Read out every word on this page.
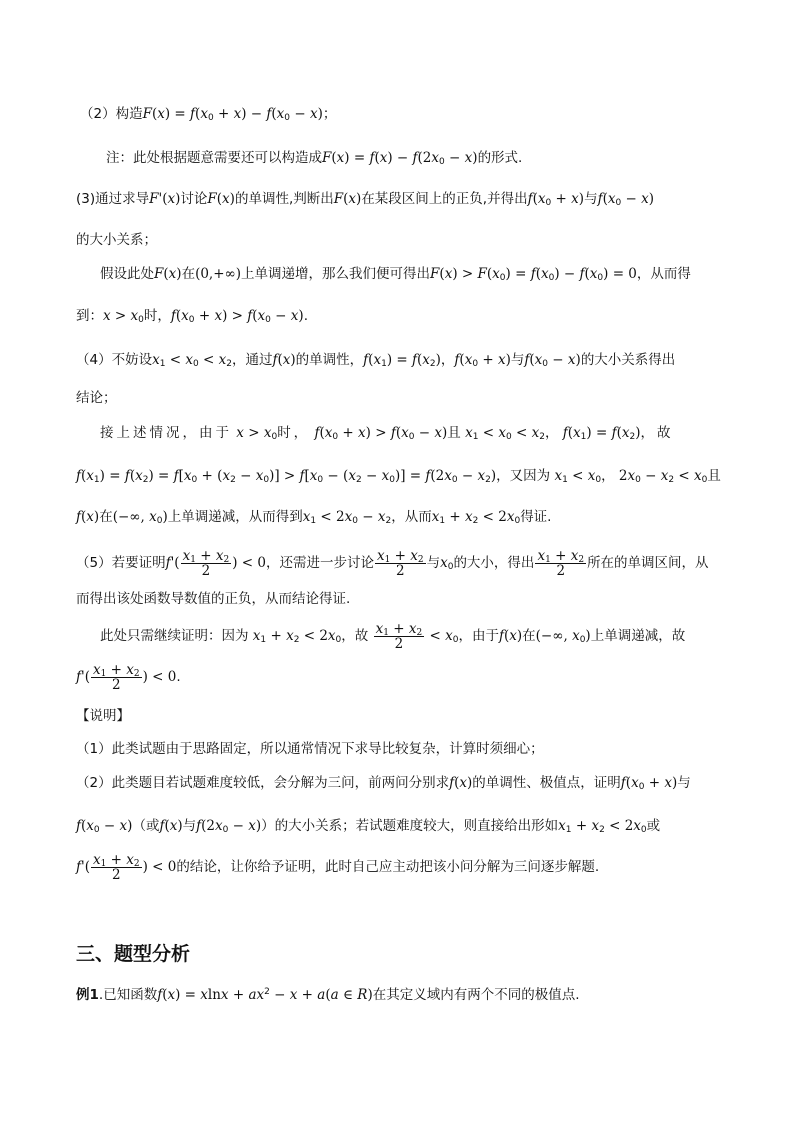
（2）构造$F(x) = f(x_0 + x) - f(x_0 - x)$；
注：此处根据题意需要还可以构造成$F(x) = f(x) - f(2x_0 - x)$的形式.
(3)通过求导F'(x)讨论F(x)的单调性,判断出F(x)在某段区间上的正负,并得出$f(x_0 + x)$与$f(x_0 - x)$
的大小关系；
假设此处F(x)在(0,+∞)上单调递增，那么我们便可得出$F(x) > F(x_0) = f(x_0) - f(x_0) = 0$，从而得
到：$x > x_0$时，$f(x_0 + x) > f(x_0 - x)$.
（4）不妨设$x_1 < x_0 < x_2$，通过f(x)的单调性，$f(x_1) = f(x_2)$，$f(x_0 + x)$与$f(x_0 - x)$的大小关系得出
结论；
接上述情况，由于 $x > x_0$时， $f(x_0 + x) > f(x_0 - x)$且 $x_1 < x_0 < x_2$， $f(x_1) = f(x_2)$，故
$f(x_1) = f(x_2) = f[x_0 + (x_2 - x_0)] > f[x_0 - (x_2 - x_0)] = f(2x_0 - x_2)$，又因为 $x_1 < x_0$， $2x_0 - x_2 < x_0$且
f(x)在(−∞, $x_0$)上单调递减，从而得到$x_1 < 2x_0 - x_2$，从而$x_1 + x_2 < 2x_0$得证.
（5）若要证明$f'( \frac{x_1 + x_2}{2}$ ) < 0，还需进一步讨论 $\frac{x_1 + x_2}{2}$ 与$x_0$的大小，得出 $\frac{x_1 + x_2}{2}$ 所在的单调区间，从
而得出该处函数导数值的正负，从而结论得证.
此处只需继续证明：因为 $x_1 + x_2 < 2x_0$，故 $\frac{x_1 + x_2}{2} < x_0$，由于f(x)在(−∞, $x_0$)上单调递减，故
$f'( \frac{x_1 + x_2}{2}$ ) < 0.
【说明】
（1）此类试题由于思路固定，所以通常情况下求导比较复杂，计算时须细心；
（2）此类题目若试题难度较低，会分解为三问，前两问分别求f(x)的单调性、极值点，证明$f(x_0 + x)$与
$f(x_0 - x)$（或f(x)与$f(2x_0 - x)$）的大小关系；若试题难度较大，则直接给出形如$x_1 + x_2 < 2x_0$或
$f'( \frac{x_1 + x_2}{2}$ ) < 0的结论，让你给予证明，此时自己应主动把该小问分解为三问逐步解题.
三、题型分析
例1.已知函数$f(x) = xlnx + ax^2 - x + a(a$ ∈ R)在其定义域内有两个不同的极值点.
